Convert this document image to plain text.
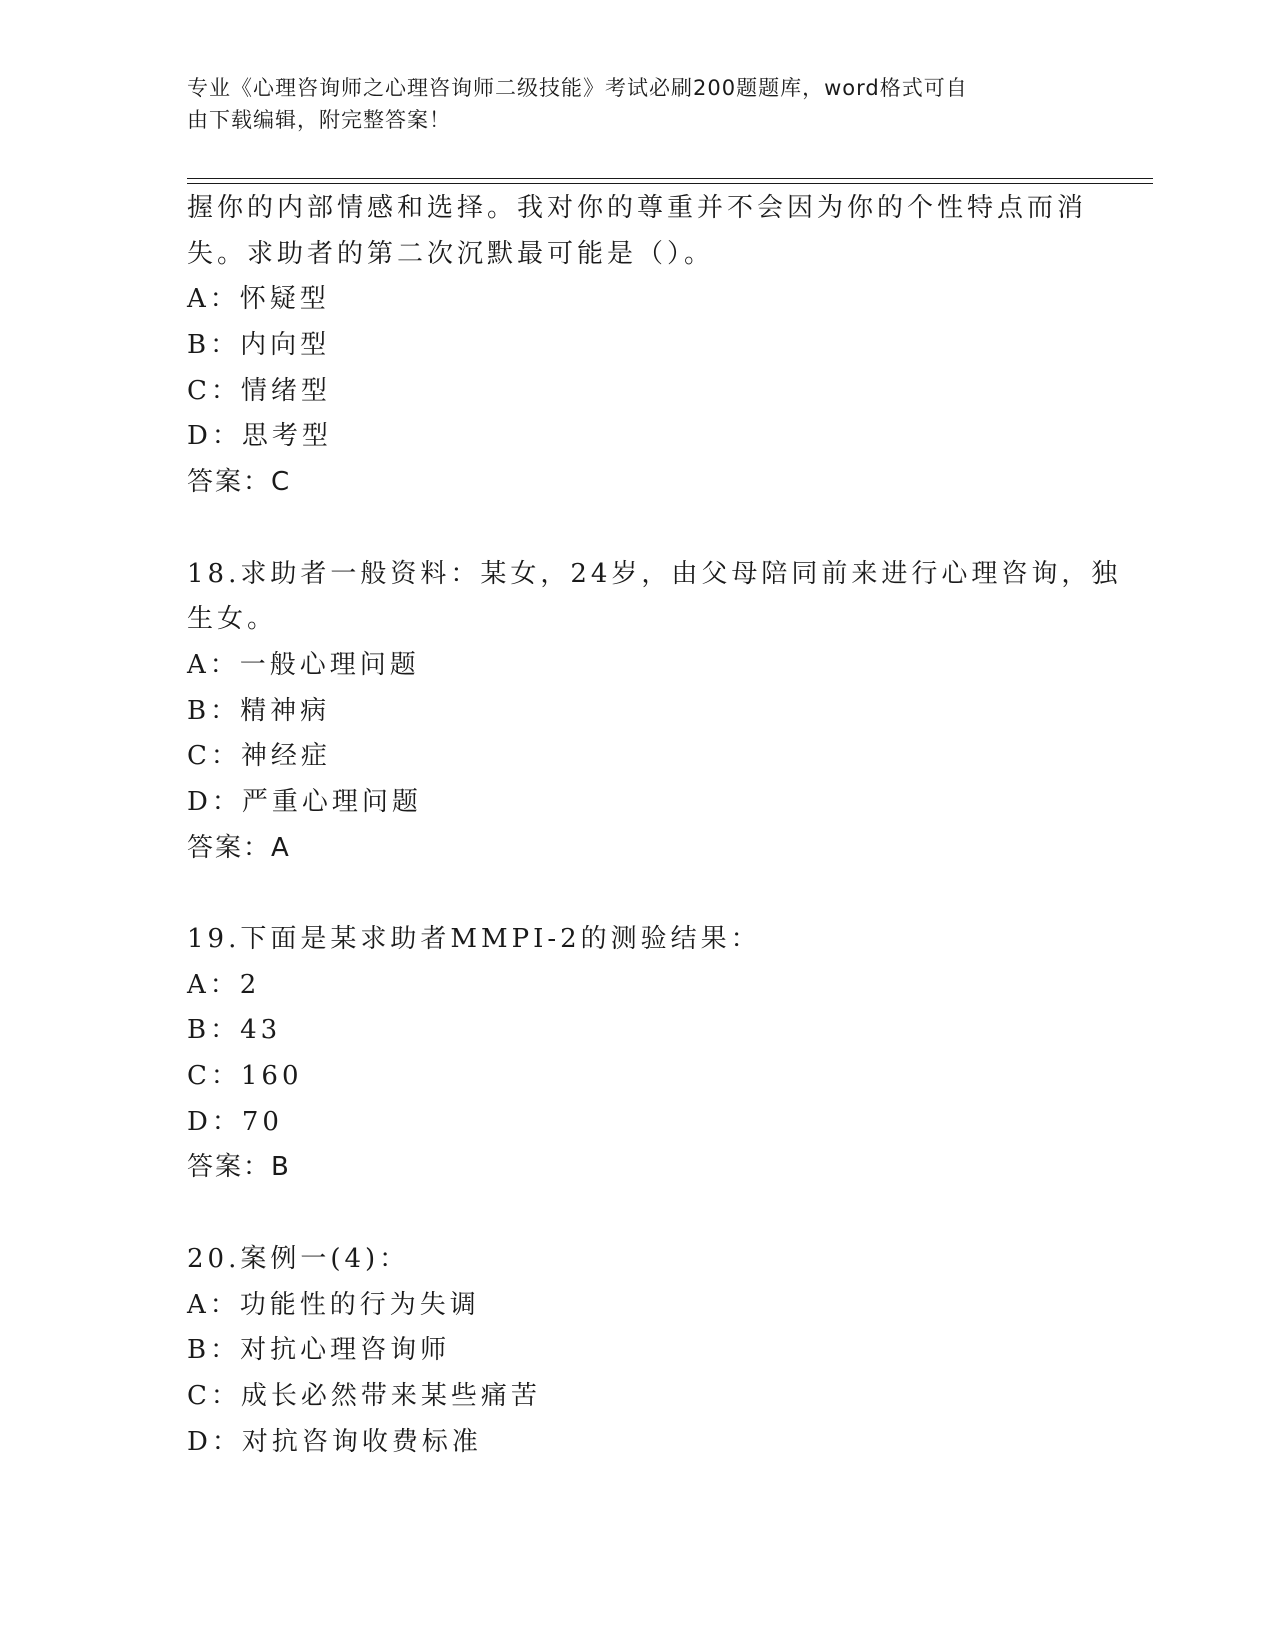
专业《心理咨询师之心理咨询师二级技能》考试必刷200题题库，word格式可自
由下载编辑，附完整答案！
握你的内部情感和选择。我对你的尊重并不会因为你的个性特点而消
失。求助者的第二次沉默最可能是（）。
A：怀疑型
B：内向型
C：情绪型
D：思考型
答案：C
18.求助者一般资料：某女，24岁，由父母陪同前来进行心理咨询，独
生女。
A：一般心理问题
B：精神病
C：神经症
D：严重心理问题
答案：A
19.下面是某求助者MMPI-2的测验结果：
A：2
B：43
C：160
D：70
答案：B
20.案例一(4)：
A：功能性的行为失调
B：对抗心理咨询师
C：成长必然带来某些痛苦
D：对抗咨询收费标准
